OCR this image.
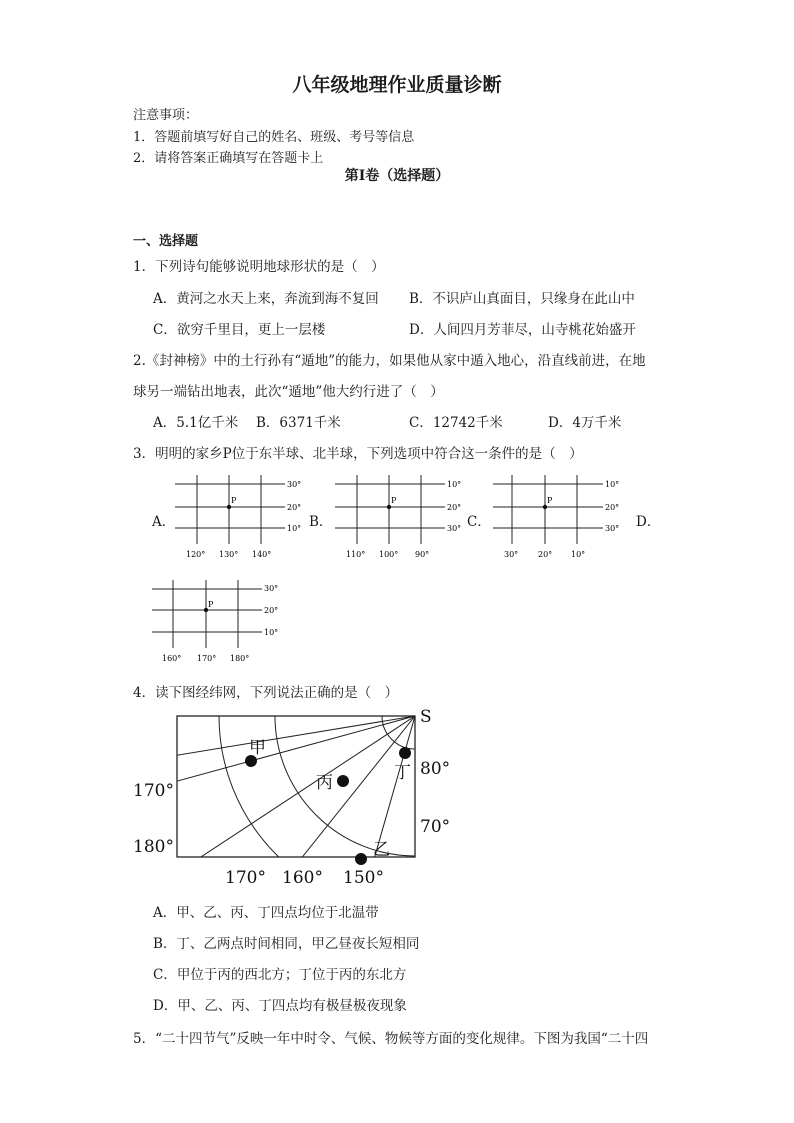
八年级地理作业质量诊断
注意事项：
1．答题前填写好自己的姓名、班级、考号等信息
2．请将答案正确填写在答题卡上
第I卷（选择题）
一、选择题
1．下列诗句能够说明地球形状的是（　）
A．黄河之水天上来，奔流到海不复回 B．不识庐山真面目，只缘身在此山中
C．欲穷千里目，更上一层楼	D．人间四月芳菲尽，山寺桃花始盛开
2.《封神榜》中的土行孙有“遁地”的能力，如果他从家中遁入地心，沿直线前进，在地
球另一端钻出地表，此次“遁地”他大约行进了（　）
A．5.1亿千米 B．6371千米	C．12742千米	D．4万千米
3．明明的家乡P位于东半球、北半球，下列选项中符合这一条件的是（　）
A．	B．	C．	D．
P
30°
20°
10°
120° 130° 140°
P
10°
20°
30°
110° 100° 90°
P
10°
20°
30°
30° 20° 10°
P
30°
20°
10°
160° 170° 180°
4．读下图经纬网，下列说法正确的是（　）
S
甲
乙
丙	丁 80°
70°
170°
180°
170° 160° 150°
A．甲、乙、丙、丁四点均位于北温带
B．丁、乙两点时间相同，甲乙昼夜长短相同
C．甲位于丙的西北方；丁位于丙的东北方
D．甲、乙、丙、丁四点均有极昼极夜现象
5．“二十四节气”反映一年中时令、气候、物候等方面的变化规律。下图为我国“二十四
